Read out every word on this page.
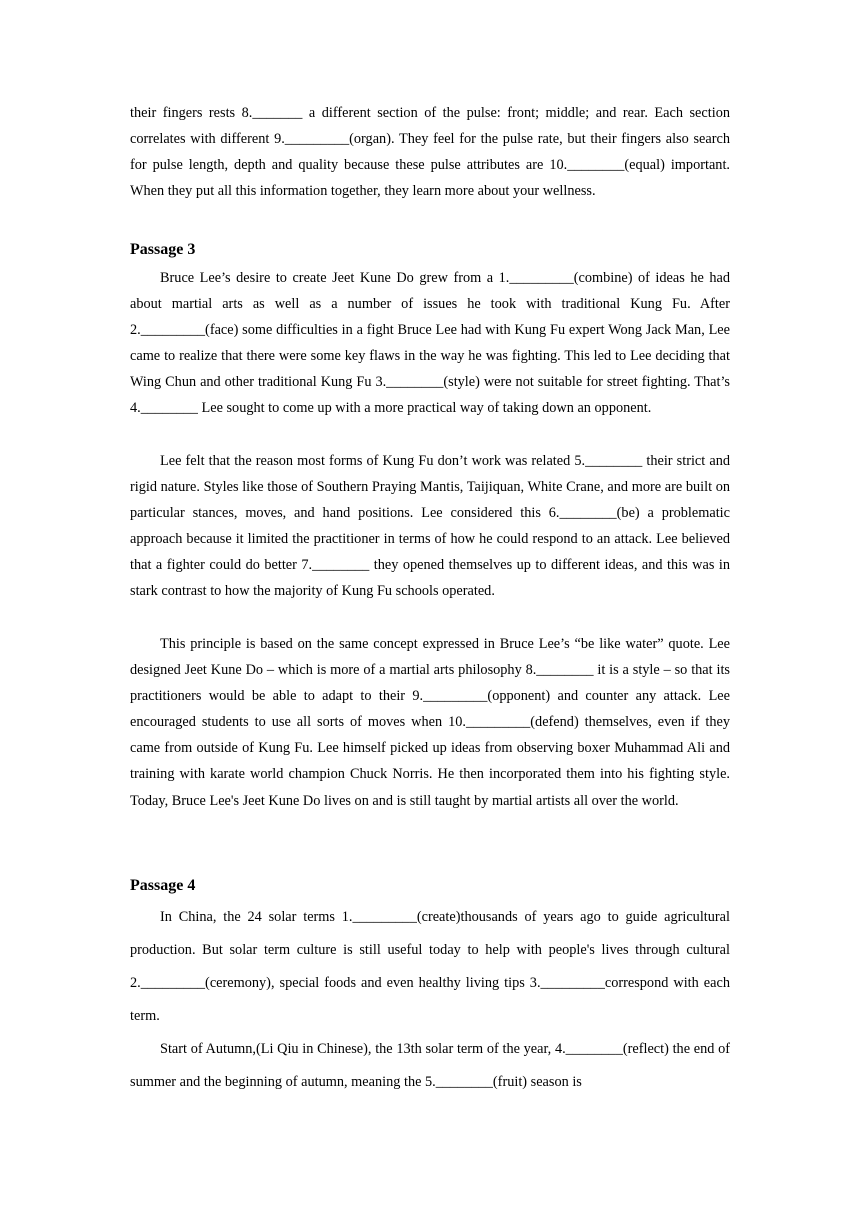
their fingers rests 8._______ a different section of the pulse: front; middle; and rear. Each section correlates with different 9._________(organ). They feel for the pulse rate, but their fingers also search for pulse length, depth and quality because these pulse attributes are 10.________(equal) important. When they put all this information together, they learn more about your wellness.

Passage 3

Bruce Lee’s desire to create Jeet Kune Do grew from a 1._________(combine) of ideas he had about martial arts as well as a number of issues he took with traditional Kung Fu. After 2._________(face) some difficulties in a fight Bruce Lee had with Kung Fu expert Wong Jack Man, Lee came to realize that there were some key flaws in the way he was fighting. This led to Lee deciding that Wing Chun and other traditional Kung Fu 3.________(style) were not suitable for street fighting. That’s 4.________ Lee sought to come up with a more practical way of taking down an opponent.

Lee felt that the reason most forms of Kung Fu don’t work was related 5.________ their strict and rigid nature. Styles like those of Southern Praying Mantis, Taijiquan, White Crane, and more are built on particular stances, moves, and hand positions. Lee considered this 6.________(be) a problematic approach because it limited the practitioner in terms of how he could respond to an attack. Lee believed that a fighter could do better 7.________ they opened themselves up to different ideas, and this was in stark contrast to how the majority of Kung Fu schools operated.

This principle is based on the same concept expressed in Bruce Lee’s “be like water” quote. Lee designed Jeet Kune Do – which is more of a martial arts philosophy 8.________ it is a style – so that its practitioners would be able to adapt to their 9._________(opponent) and counter any attack. Lee encouraged students to use all sorts of moves when 10._________(defend) themselves, even if they came from outside of Kung Fu. Lee himself picked up ideas from observing boxer Muhammad Ali and training with karate world champion Chuck Norris. He then incorporated them into his fighting style. Today, Bruce Lee's Jeet Kune Do lives on and is still taught by martial artists all over the world.

Passage 4

In China, the 24 solar terms 1._________(create)thousands of years ago to guide agricultural production. But solar term culture is still useful today to help with people's lives through cultural 2._________(ceremony), special foods and even healthy living tips 3._________correspond with each term.

Start of Autumn,(Li Qiu in Chinese), the 13th solar term of the year, 4.________(reflect) the end of summer and the beginning of autumn, meaning the 5.________(fruit) season is
